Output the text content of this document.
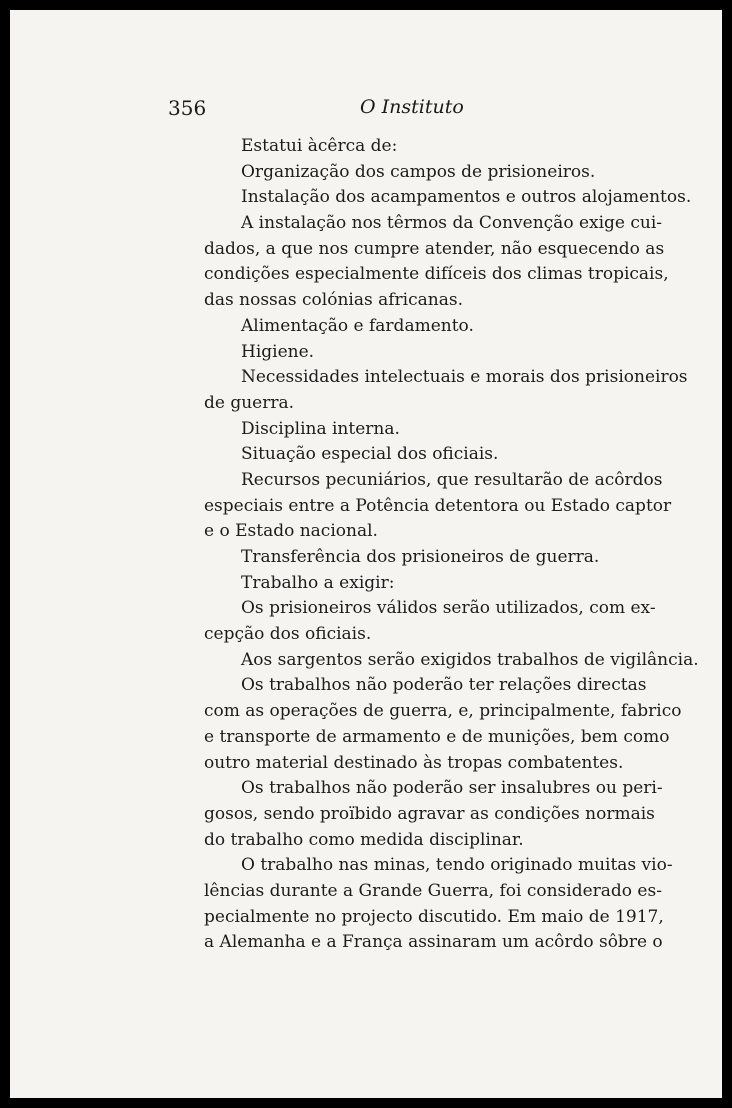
356	O Instituto
Estatui àcêrca de:
Organização dos campos de prisioneiros.
Instalação dos acampamentos e outros alojamentos.
A instalação nos têrmos da Convenção exige cui-
dados, a que nos cumpre atender, não esquecendo as
condições especialmente difíceis dos climas tropicais,
das nossas colónias africanas.
Alimentação e fardamento.
Higiene.
Necessidades intelectuais e morais dos prisioneiros
de guerra.
Disciplina interna.
Situação especial dos oficiais.
Recursos pecuniários, que resultarão de acôrdos
especiais entre a Potência detentora ou Estado captor
e o Estado nacional.
Transferência dos prisioneiros de guerra.
Trabalho a exigir:
Os prisioneiros válidos serão utilizados, com ex-
cepção dos oficiais.
Aos sargentos serão exigidos trabalhos de vigilância.
Os trabalhos não poderão ter relações directas
com as operações de guerra, e, principalmente, fabrico
e transporte de armamento e de munições, bem como
outro material destinado às tropas combatentes.
Os trabalhos não poderão ser insalubres ou peri-
gosos, sendo proïbido agravar as condições normais
do trabalho como medida disciplinar.
O trabalho nas minas, tendo originado muitas vio-
lências durante a Grande Guerra, foi considerado es-
pecialmente no projecto discutido. Em maio de 1917,
a Alemanha e a França assinaram um acôrdo sôbre o
